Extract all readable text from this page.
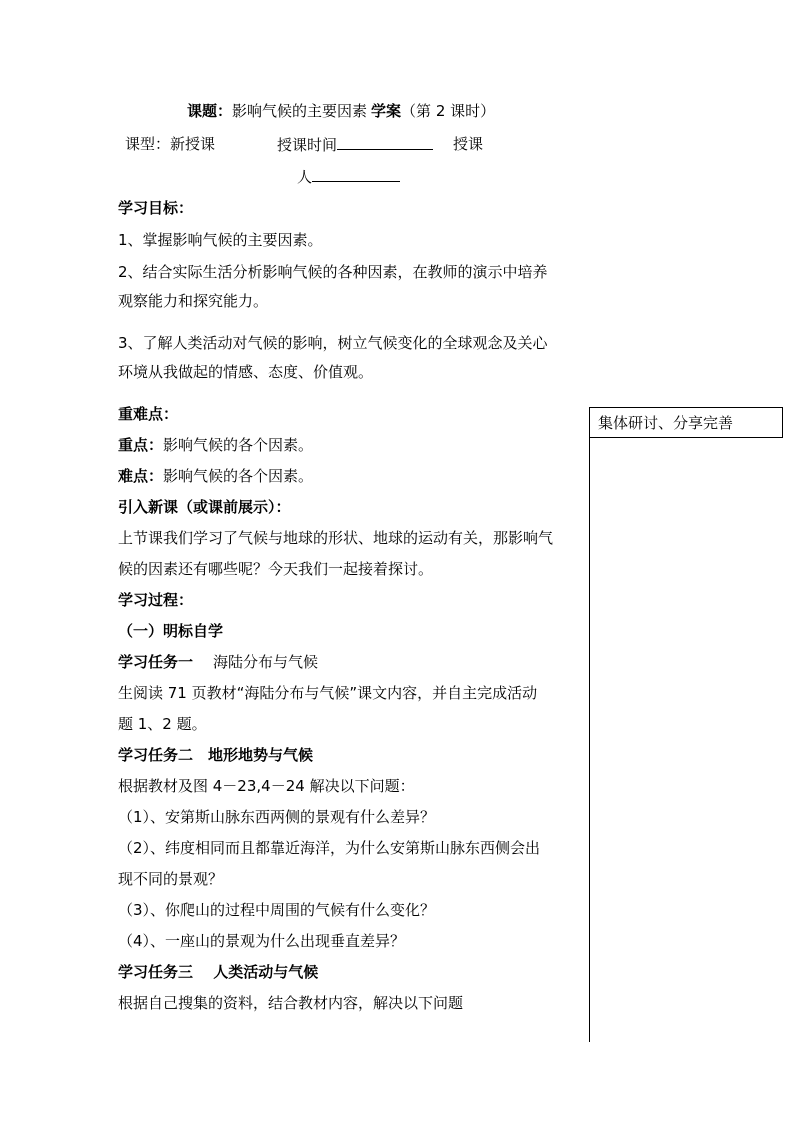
课题：影响气候的主要因素 学案（第 2 课时）
课型：新授课	授课时间	授课
人
学习目标：
1、掌握影响气候的主要因素。
2、结合实际生活分析影响气候的各种因素，在教师的演示中培养
观察能力和探究能力。
3、了解人类活动对气候的影响，树立气候变化的全球观念及关心
环境从我做起的情感、态度、价值观。
重难点：
重点：影响气候的各个因素。
难点：影响气候的各个因素。
引入新课（或课前展示）：
上节课我们学习了气候与地球的形状、地球的运动有关，那影响气
候的因素还有哪些呢？今天我们一起接着探讨。
学习过程：
（一）明标自学
学习任务一 海陆分布与气候
生阅读 71 页教材“海陆分布与气候”课文内容，并自主完成活动
题 1、2 题。
学习任务二　地形地势与气候
根据教材及图 4－23,4－24 解决以下问题：
（1）、安第斯山脉东西两侧的景观有什么差异？
（2）、纬度相同而且都靠近海洋，为什么安第斯山脉东西侧会出
现不同的景观？
（3）、你爬山的过程中周围的气候有什么变化？
（4）、一座山的景观为什么出现垂直差异？
学习任务三　 人类活动与气候
根据自己搜集的资料，结合教材内容，解决以下问题
集体研讨、分享完善
